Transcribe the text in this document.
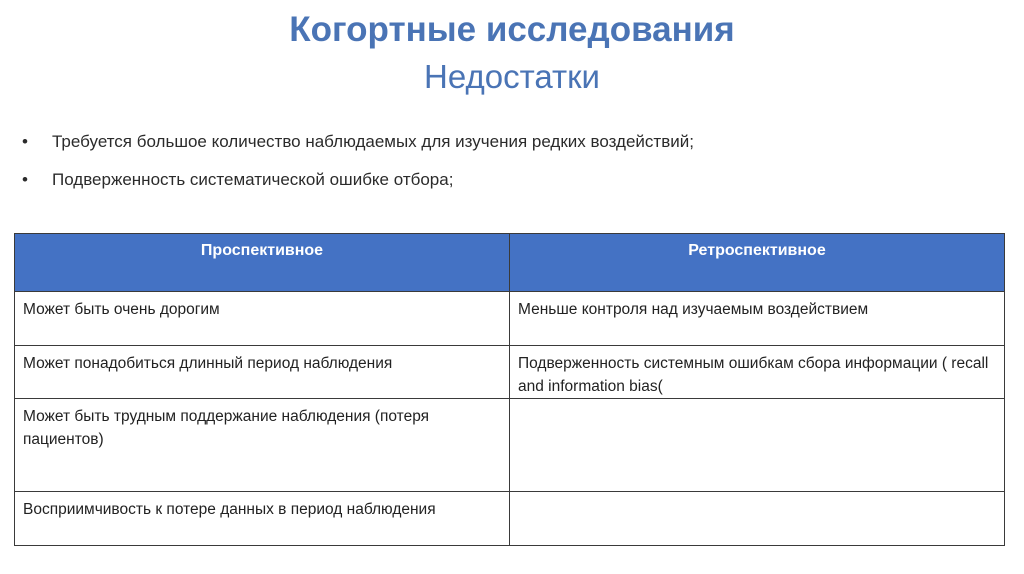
Когортные исследования
Недостатки
• Требуется большое количество наблюдаемых для изучения редких воздействий;
• Подверженность систематической ошибке отбора;
Проспективное	Ретроспективное
Может быть очень дорогим	Меньше контроля над изучаемым воздействием
Может понадобиться длинный период наблюдения	Подверженность системным ошибкам сбора информации ( recall and information bias(
Может быть трудным поддержание наблюдения (потеря пациентов)	
Восприимчивость к потере данных в период наблюдения	
